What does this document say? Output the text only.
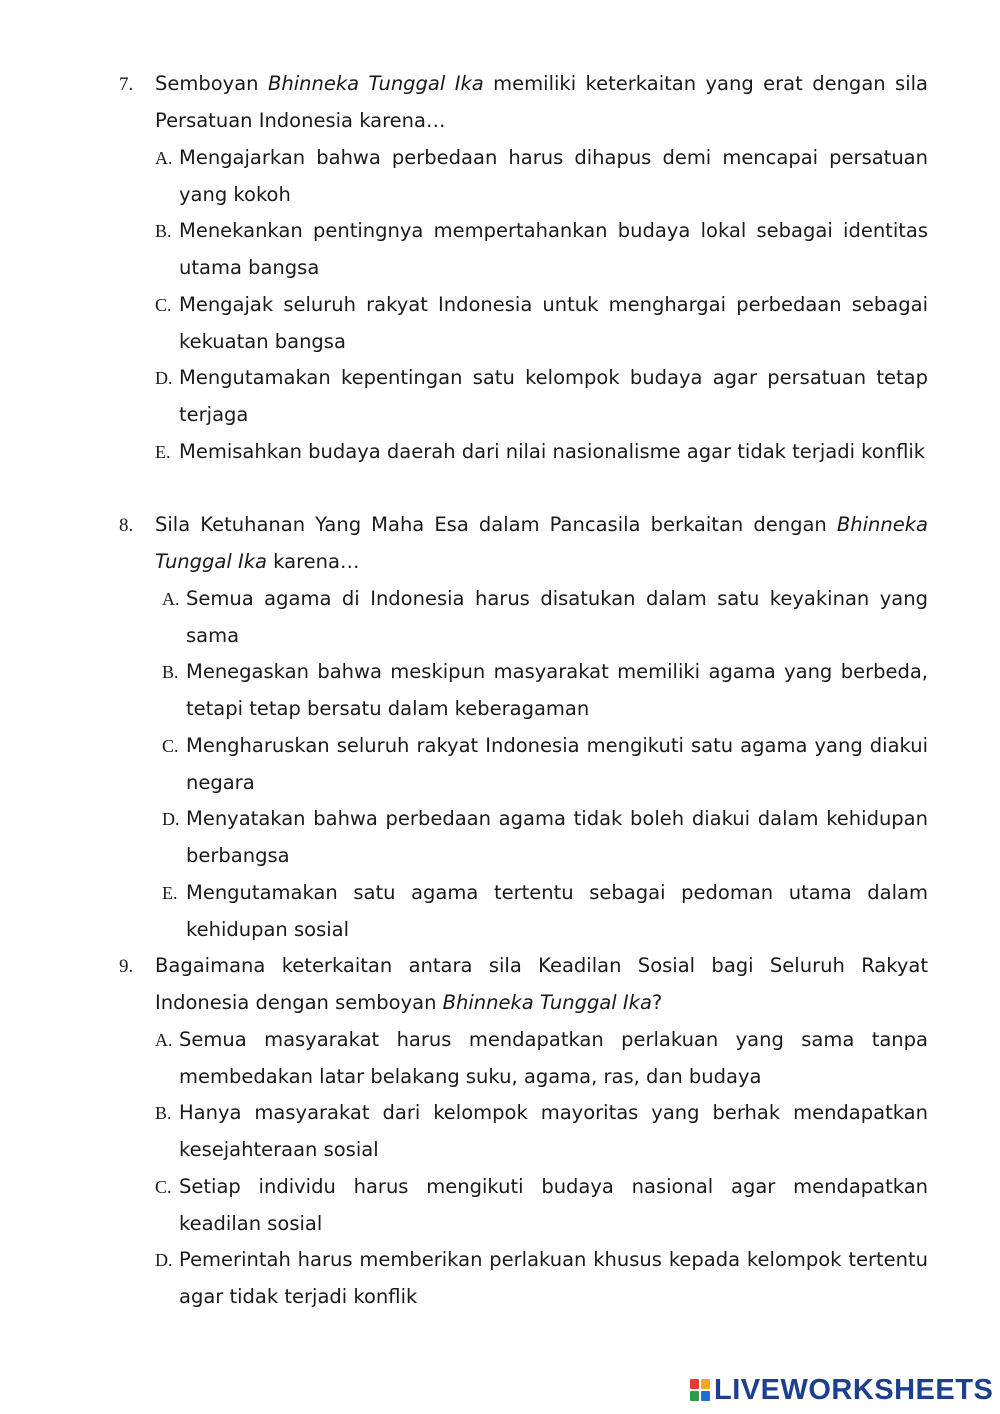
7. Semboyan Bhinneka Tunggal Ika memiliki keterkaitan yang erat dengan sila Persatuan Indonesia karena…

A. Mengajarkan bahwa perbedaan harus dihapus demi mencapai persatuan yang kokoh

B. Menekankan pentingnya mempertahankan budaya lokal sebagai identitas utama bangsa

C. Mengajak seluruh rakyat Indonesia untuk menghargai perbedaan sebagai kekuatan bangsa

D. Mengutamakan kepentingan satu kelompok budaya agar persatuan tetap terjaga

E. Memisahkan budaya daerah dari nilai nasionalisme agar tidak terjadi konflik

8. Sila Ketuhanan Yang Maha Esa dalam Pancasila berkaitan dengan Bhinneka Tunggal Ika karena…

A. Semua agama di Indonesia harus disatukan dalam satu keyakinan yang sama

B. Menegaskan bahwa meskipun masyarakat memiliki agama yang berbeda, tetapi tetap bersatu dalam keberagaman

C. Mengharuskan seluruh rakyat Indonesia mengikuti satu agama yang diakui negara

D. Menyatakan bahwa perbedaan agama tidak boleh diakui dalam kehidupan berbangsa

E. Mengutamakan satu agama tertentu sebagai pedoman utama dalam kehidupan sosial

9. Bagaimana keterkaitan antara sila Keadilan Sosial bagi Seluruh Rakyat Indonesia dengan semboyan Bhinneka Tunggal Ika?

A. Semua masyarakat harus mendapatkan perlakuan yang sama tanpa membedakan latar belakang suku, agama, ras, dan budaya

B. Hanya masyarakat dari kelompok mayoritas yang berhak mendapatkan kesejahteraan sosial

C. Setiap individu harus mengikuti budaya nasional agar mendapatkan keadilan sosial

D. Pemerintah harus memberikan perlakuan khusus kepada kelompok tertentu agar tidak terjadi konflik

LIVEWORKSHEETS
